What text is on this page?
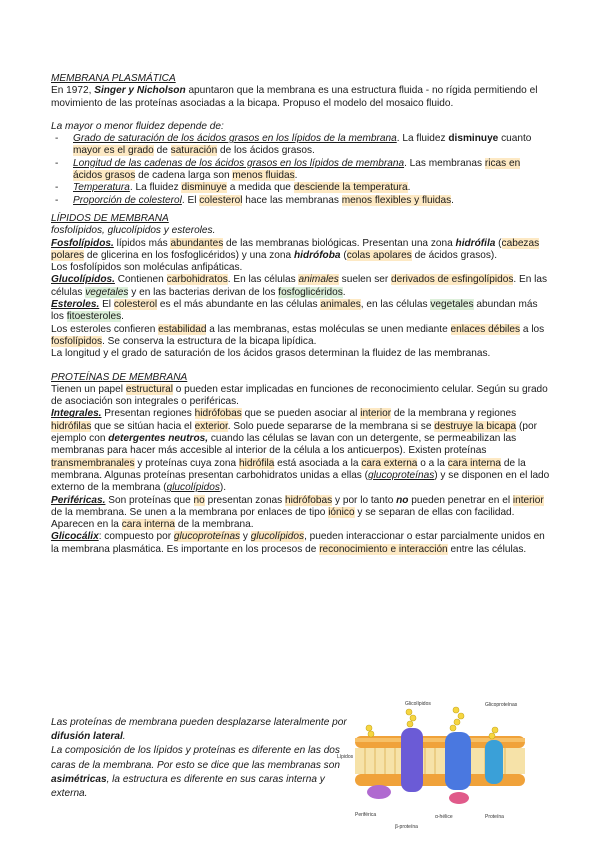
MEMBRANA PLASMÁTICA

En 1972, Singer y Nicholson apuntaron que la membrana es una estructura fluida - no rígida permitiendo el movimiento de las proteínas asociadas a la bicapa. Propuso el modelo del mosaico fluido.

La mayor o menor fluidez depende de:

- Grado de saturación de los ácidos grasos en los lípidos de la membrana. La fluidez disminuye cuanto mayor es el grado de saturación de los ácidos grasos.
- Longitud de las cadenas de los ácidos grasos en los lípidos de membrana. Las membranas ricas en ácidos grasos de cadena larga son menos fluidas.
- Temperatura. La fluidez disminuye a medida que desciende la temperatura.
- Proporción de colesterol. El colesterol hace las membranas menos flexibles y fluidas.

LÍPIDOS DE MEMBRANA

fosfolípidos, glucolípidos y esteroles.

Fosfolípidos. lípidos más abundantes de las membranas biológicas. Presentan una zona hidrófila (cabezas polares de glicerina en los fosfoglicéridos) y una zona hidrófoba (colas apolares de ácidos grasos).

Los fosfolípidos son moléculas anfipáticas.

Glucolípidos. Contienen carbohidratos. En las células animales suelen ser derivados de esfingolípidos. En las células vegetales y en las bacterias derivan de los fosfoglicéridos.

Esteroles. El colesterol es el más abundante en las células animales, en las células vegetales abundan más los fitoesteroles.

Los esteroles confieren estabilidad a las membranas, estas moléculas se unen mediante enlaces débiles a los fosfolípidos. Se conserva la estructura de la bicapa lipídica.

La longitud y el grado de saturación de los ácidos grasos determinan la fluidez de las membranas.

PROTEÍNAS DE MEMBRANA

Tienen un papel estructural o pueden estar implicadas en funciones de reconocimiento celular. Según su grado de asociación son integrales o periféricas.

Integrales. Presentan regiones hidrófobas que se pueden asociar al interior de la membrana y regiones hidrófilas que se sitúan hacia el exterior. Solo puede separarse de la membrana si se destruye la bicapa (por ejemplo con detergentes neutros, cuando las células se lavan con un detergente, se permeabilizan las membranas para hacer más accesible al interior de la célula a los anticuerpos). Existen proteínas transmembranales y proteínas cuya zona hidrófila está asociada a la cara externa o a la cara interna de la membrana. Algunas proteínas presentan carbohidratos unidas a ellas (glucoproteínas) y se disponen en el lado externo de la membrana (glucolípidos).

Periféricas. Son proteínas que no presentan zonas hidrófobas y por lo tanto no pueden penetrar en el interior de la membrana. Se unen a la membrana por enlaces de tipo iónico y se separan de ellas con facilidad. Aparecen en la cara interna de la membrana.

Glicocálix: compuesto por glucoproteínas y glucolípidos, pueden interaccionar o estar parcialmente unidos en la membrana plasmática. Es importante en los procesos de reconocimiento e interacción entre las células.

Las proteínas de membrana pueden desplazarse lateralmente por difusión lateral.

La composición de los lípidos y proteínas es diferente en las dos caras de la membrana. Por esto se dice que las membranas son asimétricas, la estructura es diferente en sus caras interna y externa.

Glicolípidos	Glicoproteínas
Lípidos
α-hélice
β-proteína
Proteína
Periférica
